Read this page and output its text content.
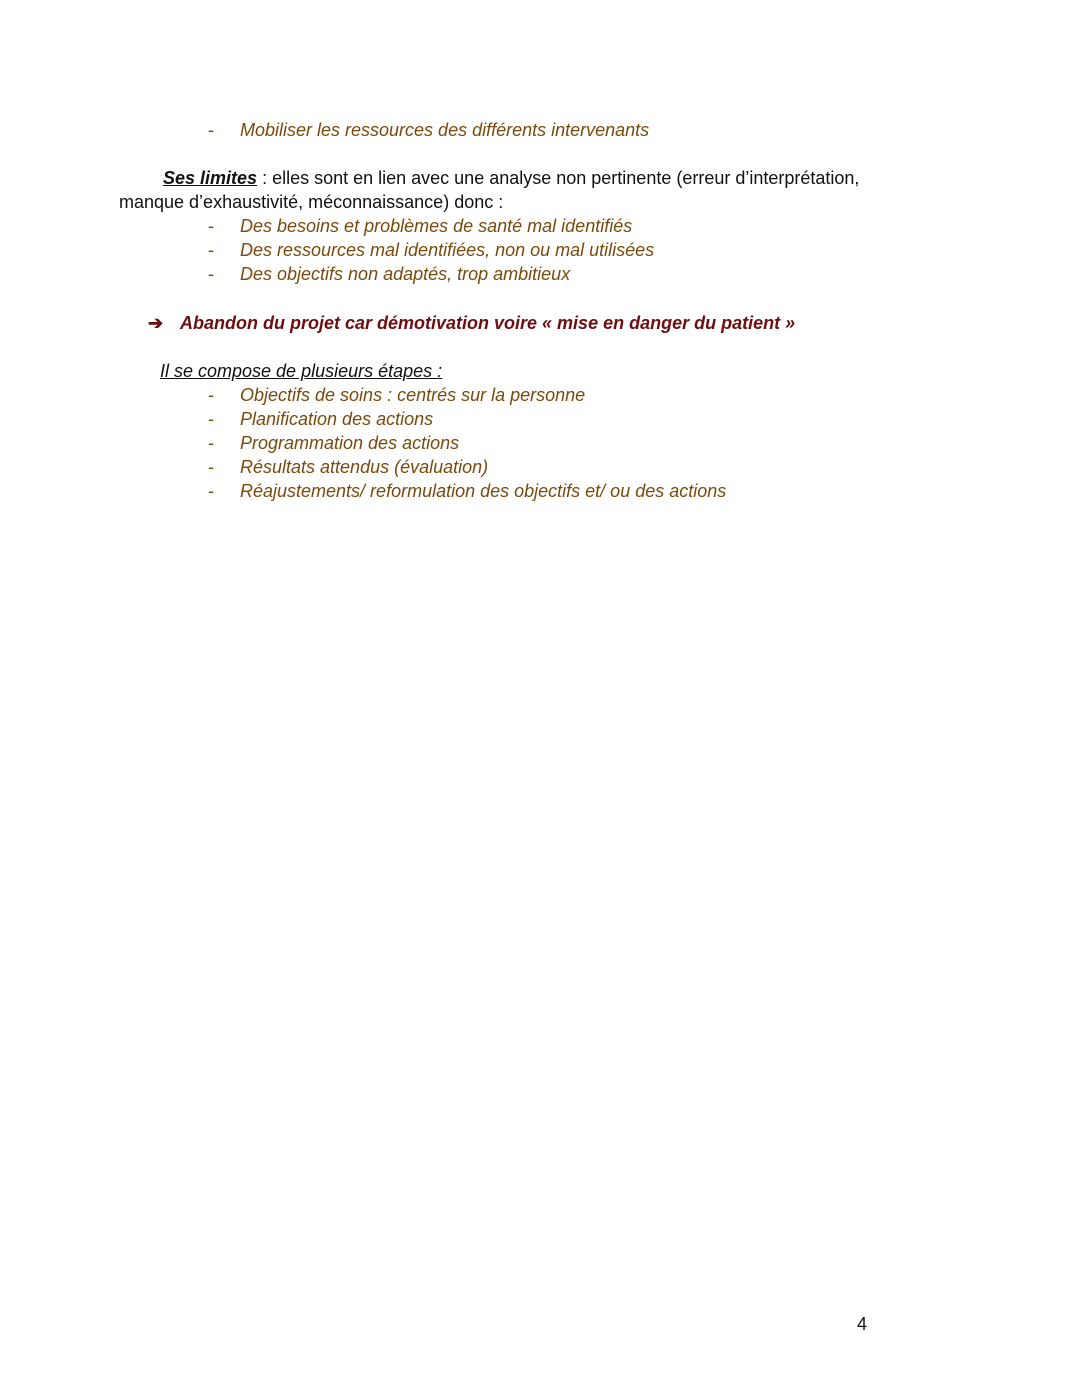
- Mobiliser les ressources des différents intervenants
Ses limites : elles sont en lien avec une analyse non pertinente (erreur d’interprétation,
manque d’exhaustivité, méconnaissance) donc :
- Des besoins et problèmes de santé mal identifiés
- Des ressources mal identifiées, non ou mal utilisées
- Des objectifs non adaptés, trop ambitieux
➔ Abandon du projet car démotivation voire « mise en danger du patient »
Il se compose de plusieurs étapes :
- Objectifs de soins : centrés sur la personne
- Planification des actions
- Programmation des actions
- Résultats attendus (évaluation)
- Réajustements/ reformulation des objectifs et/ ou des actions
4
